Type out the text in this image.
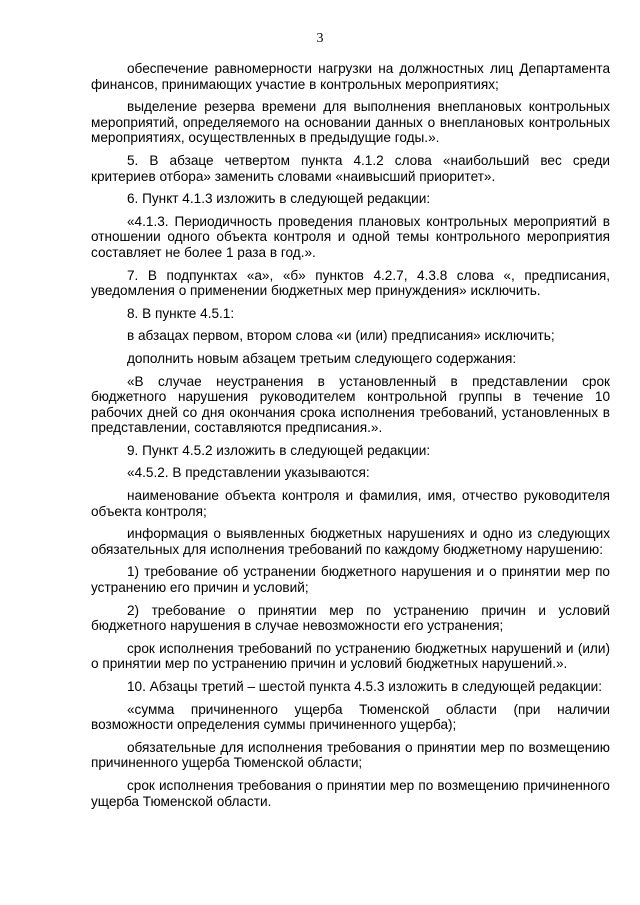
3

обеспечение равномерности нагрузки на должностных лиц Департамента финансов, принимающих участие в контрольных мероприятиях;

выделение резерва времени для выполнения внеплановых контрольных мероприятий, определяемого на основании данных о внеплановых контрольных мероприятиях, осуществленных в предыдущие годы.».

5. В абзаце четвертом пункта 4.1.2 слова «наибольший вес среди критериев отбора» заменить словами «наивысший приоритет».

6. Пункт 4.1.3 изложить в следующей редакции:

«4.1.3. Периодичность проведения плановых контрольных мероприятий в отношении одного объекта контроля и одной темы контрольного мероприятия составляет не более 1 раза в год.».

7. В подпунктах «а», «б» пунктов 4.2.7, 4.3.8 слова «, предписания, уведомления о применении бюджетных мер принуждения» исключить.

8. В пункте 4.5.1:

в абзацах первом, втором слова «и (или) предписания» исключить;

дополнить новым абзацем третьим следующего содержания:

«В случае неустранения в установленный в представлении срок бюджетного нарушения руководителем контрольной группы в течение 10 рабочих дней со дня окончания срока исполнения требований, установленных в представлении, составляются предписания.».

9. Пункт 4.5.2 изложить в следующей редакции:

«4.5.2. В представлении указываются:

наименование объекта контроля и фамилия, имя, отчество руководителя объекта контроля;

информация о выявленных бюджетных нарушениях и одно из следующих обязательных для исполнения требований по каждому бюджетному нарушению:

1) требование об устранении бюджетного нарушения и о принятии мер по устранению его причин и условий;

2) требование о принятии мер по устранению причин и условий бюджетного нарушения в случае невозможности его устранения;

срок исполнения требований по устранению бюджетных нарушений и (или) о принятии мер по устранению причин и условий бюджетных нарушений.».

10. Абзацы третий – шестой пункта 4.5.3 изложить в следующей редакции:

«сумма причиненного ущерба Тюменской области (при наличии возможности определения суммы причиненного ущерба);

обязательные для исполнения требования о принятии мер по возмещению причиненного ущерба Тюменской области;

срок исполнения требования о принятии мер по возмещению причиненного ущерба Тюменской области.
